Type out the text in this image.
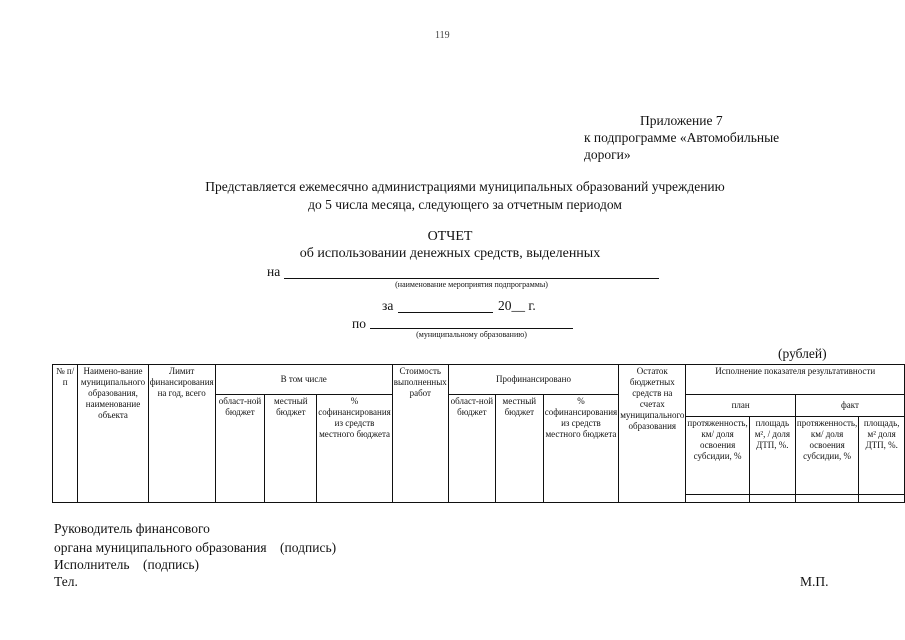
119
Приложение 7
к подпрограмме «Автомобильные
дороги»
Представляется ежемесячно администрациями муниципальных образований учреждению
до 5 числа месяца, следующего за отчетным периодом
ОТЧЕТ
об использовании денежных средств, выделенных
на
(наименование мероприятия подпрограммы)
за	20__ г.
по
(муниципальному образованию)
(рублей)
№ п/п	Наимено-вание муниципального образования, наименование объекта	Лимит финансирования на год, всего	В том числе			Стоимость выполненных работ	Профинансировано			Остаток бюджетных средств на счетах муниципального образования	Исполнение показателя результативности			
			област-ной бюджет	местный бюджет	% софинансирования из средств местного бюджета		област-ной бюджет	местный бюджет	% софинансирования из средств местного бюджета		план		факт	
											протяженность, км/ доля освоения субсидии, %	площадь м², / доля ДТП, %.	протяженность, км/ доля освоения субсидии, %	площадь, м² доля ДТП, %.

Руководитель финансового
органа муниципального образования    (подпись)
Исполнитель    (подпись)
Тел.	М.П.
